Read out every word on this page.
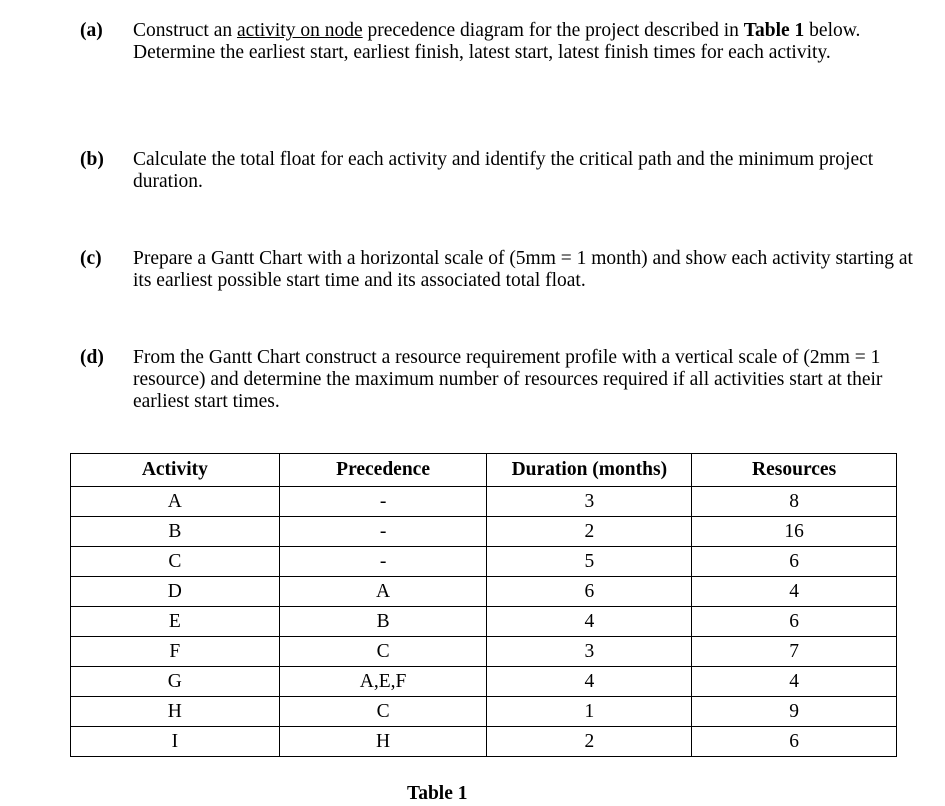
(a) Construct an activity on node precedence diagram for the project described in Table 1 below. Determine the earliest start, earliest finish, latest start, latest finish times for each activity.
(b) Calculate the total float for each activity and identify the critical path and the minimum project duration.
(c) Prepare a Gantt Chart with a horizontal scale of (5mm = 1 month) and show each activity starting at its earliest possible start time and its associated total float.
(d) From the Gantt Chart construct a resource requirement profile with a vertical scale of (2mm = 1 resource) and determine the maximum number of resources required if all activities start at their earliest start times.
Activity	Precedence	Duration (months)	Resources
A	-	3	8
B	-	2	16
C	-	5	6
D	A	6	4
E	B	4	6
F	C	3	7
G	A,E,F	4	4
H	C	1	9
I	H	2	6
Table 1
